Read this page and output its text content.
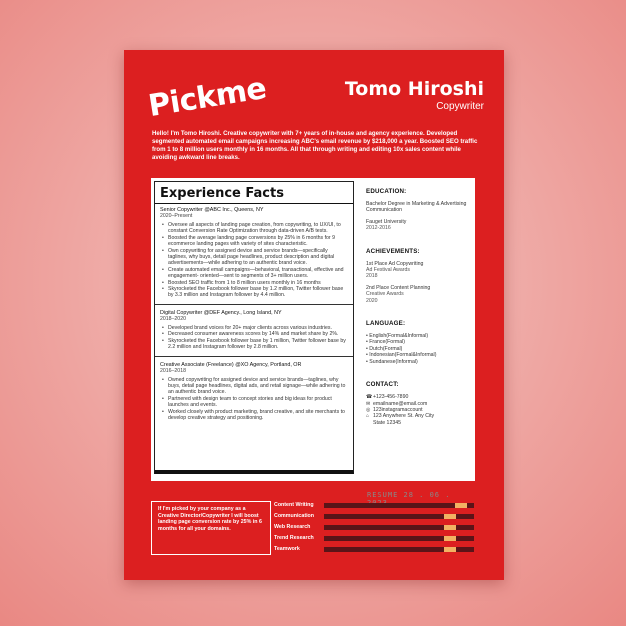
Pickme	Tomo Hiroshi
Copywriter
Hello! I'm Tomo Hiroshi. Creative copywriter with 7+ years of in-house and agency experience. Developed segmented automated email campaigns increasing ABC's email revenue by $218,000 a year. Boosted SEO traffic from 1 to 8 million users monthly in 16 months. All that through writing and editing 10x sales content while avoiding awkward line breaks.
Experience Facts
Senior Copywriter @ABC Inc., Queens, NY
2020–Present
• Oversee all aspects of landing page creation, from copywriting, to UX/UI, to constant Conversion Rate Optimization through data-driven A/B tests.
• Boosted the average landing page conversions by 25% in 6 months for 9 ecommerce landing pages with variety of sites characteristic.
• Own copywriting for assigned device and service brands—specifically taglines, why buys, detail page headlines, product description and digital advertisements—while adhering to an authentic brand voice.
• Create automated email campaigns—behavioral, transactional, effective and engagement- oriented—sent to segments of 3+ million users.
• Boosted SEO traffic from 1 to 8 million users monthly in 16 months
• Skyrocketed the Facebook follower base by 1.2 million, Twitter follower base by 3.3 million and Instagram follower by 4.4 million.
Digital Copywriter @DEF Agency., Long Island, NY
2018–2020
• Developed brand voices for 20+ major clients across various industries.
• Decreased consumer awareness scores by 14% and market share by 2%.
• Skyrocketed the Facebook follower base by 1 million, Twitter follower base by 2.2 million and Instagram follower by 2.8 million.
Creative Associate (Freelance) @XO Agency, Portland, OR
2016–2018
• Owned copywriting for assigned device and service brands—taglines, why buys, detail page headlines, digital ads, and retail signage—while adhering to an authentic brand voice.
• Partnered with design team to concept stories and big ideas for product launches and events.
• Worked closely with product marketing, brand creative, and site merchants to develop creative strategy and positioning.
EDUCATION:
Bachelor Degree in Marketing & Advertising Communication
Fauget University
2012-2016
ACHIEVEMENTS:
1st Place Ad Copywriting
Ad Festival Awards
2018
2nd Place Content Planning
Creative Awards
2020
LANGUAGE:
• English(Formal&Informal)
• France(Formal)
• Dutch(Formal)
• Indonesian(Formal&Informal)
• Sundanese(Informal)
CONTACT:
☎ +123-456-7890
✉ emailname@email.com
◎ 123instagramaccount
⌂ 123 Anywhere St. Any City
State 12345
RESUME 28 . 06 .
If I'm picked by your company as a Creative Director/Copywriter I will boost landing page conversion rate by 25% in 6 months for all your domains.
Content Writing
Communication
Web Research
Trend Research
Teamwork
